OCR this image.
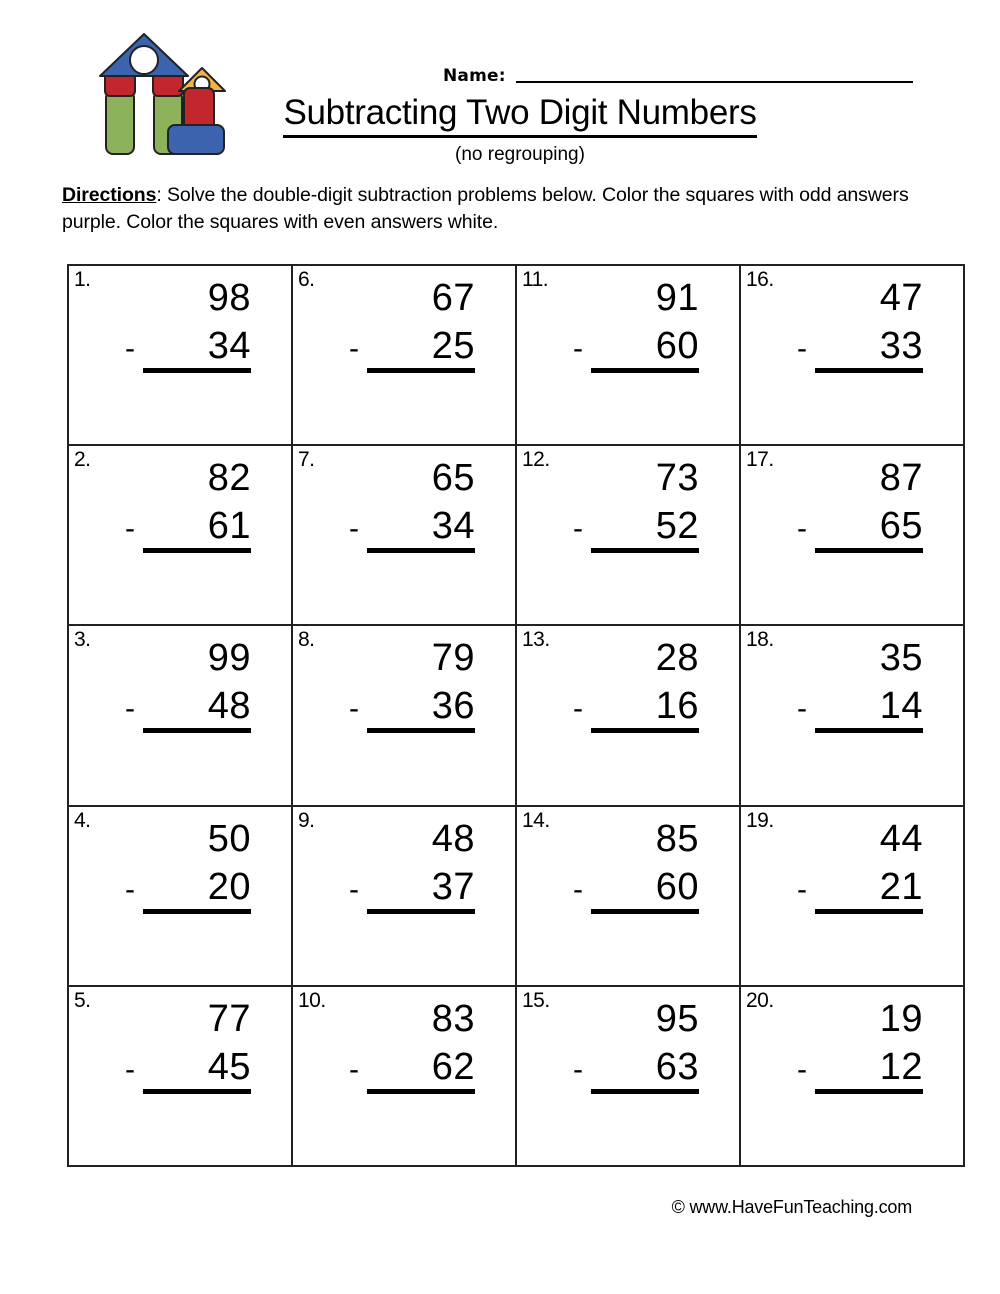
Name:
Subtracting Two Digit Numbers
(no regrouping)
Directions: Solve the double-digit subtraction problems below. Color the squares with odd answers purple. Color the squares with even answers white.
1.	98
- 34
6.	67
- 25
11.	91
- 60
16.	47
- 33
2.	82
- 61
7.	65
- 34
12.	73
- 52
17.	87
- 65
3.	99
- 48
8.	79
- 36
13.	28
- 16
18.	35
- 14
4.	50
- 20
9.	48
- 37
14.	85
- 60
19.	44
- 21
5.	77
- 45
10.	83
- 62
15.	95
- 63
20.	19
- 12
© www.HaveFunTeaching.com
